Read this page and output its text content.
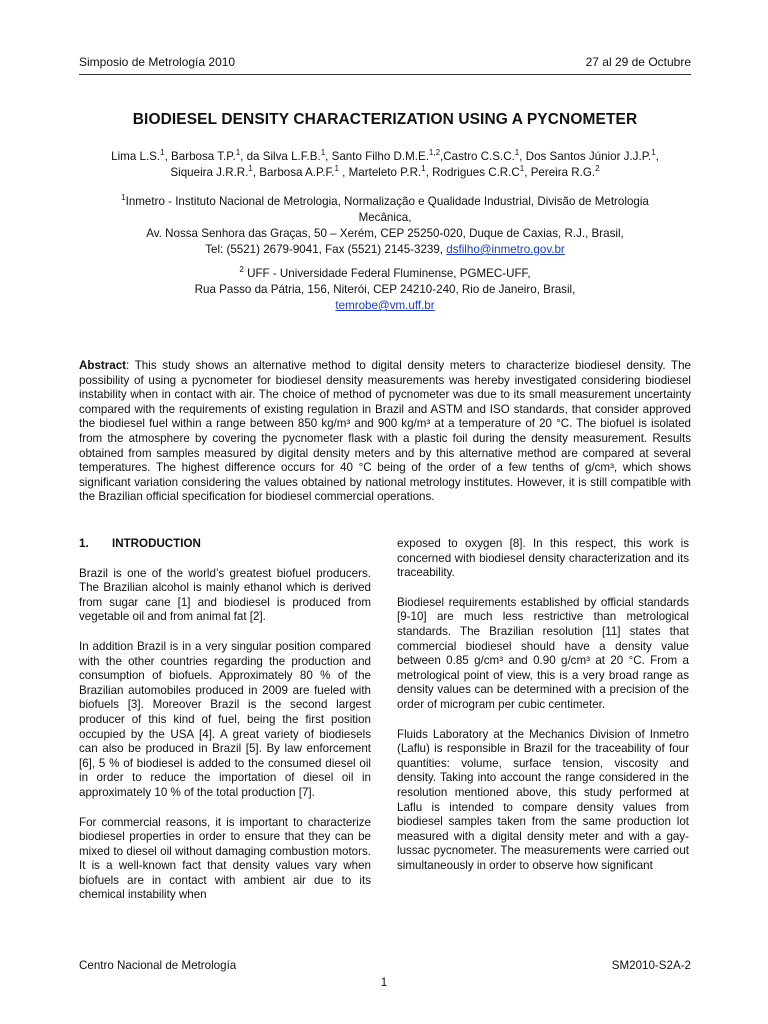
Simposio de Metrología 2010	27 al 29 de Octubre
BIODIESEL DENSITY CHARACTERIZATION USING A PYCNOMETER
Lima L.S.$^1$, Barbosa T.P.$^1$, da Silva L.F.B.$^1$, Santo Filho D.M.E.$^{1,2}$,Castro C.S.C.$^1$, Dos Santos Júnior J.J.P.$^1$,
Siqueira J.R.R.$^1$, Barbosa A.P.F.$^1$ , Marteleto P.R.$^1$, Rodrigues $C.R.C^1$, Pereira R.G.$^2$
$^1$Inmetro - Instituto Nacional de Metrologia, Normalização e Qualidade Industrial, Divisão de Metrologia
Mecânica,
Av. Nossa Senhora das Graças, 50 – Xerém, CEP 25250-020, Duque de Caxias, R.J., Brasil,
Tel: (5521) 2679-9041, Fax (5521) 2145-3239, dsfilho@inmetro.gov.br
$^2$ UFF - Universidade Federal Fluminense, PGMEC-UFF,
Rua Passo da Pátria, 156, Niterói, CEP 24210-240, Rio de Janeiro, Brasil,
temrobe@vm.uff.br
Abstract: This study shows an alternative method to digital density meters to characterize biodiesel density. The possibility of using a pycnometer for biodiesel density measurements was hereby investigated considering biodiesel instability when in contact with air. The choice of method of pycnometer was due to its small measurement uncertainty compared with the requirements of existing regulation in Brazil and ASTM and ISO standards, that consider approved the biodiesel fuel within a range between 850 kg/m³ and 900 kg/m³ at a temperature of 20 °C. The biofuel is isolated from the atmosphere by covering the pycnometer flask with a plastic foil during the density measurement. Results obtained from samples measured by digital density meters and by this alternative method are compared at several temperatures. The highest difference occurs for 40 °C being of the order of a few tenths of g/cm³, which shows significant variation considering the values obtained by national metrology institutes. However, it is still compatible with the Brazilian official specification for biodiesel commercial operations.
1. INTRODUCTION

Brazil is one of the world’s greatest biofuel producers. The Brazilian alcohol is mainly ethanol which is derived from sugar cane [1] and biodiesel is produced from vegetable oil and from animal fat [2].

In addition Brazil is in a very singular position compared with the other countries regarding the production and consumption of biofuels. Approximately 80 % of the Brazilian automobiles produced in 2009 are fueled with biofuels [3]. Moreover Brazil is the second largest producer of this kind of fuel, being the first position occupied by the USA [4]. A great variety of biodiesels can also be produced in Brazil [5]. By law enforcement [6], 5 % of biodiesel is added to the consumed diesel oil in order to reduce the importation of diesel oil in approximately 10 % of the total production [7].

For commercial reasons, it is important to characterize biodiesel properties in order to ensure that they can be mixed to diesel oil without damaging combustion motors. It is a well-known fact that density values vary when biofuels are in contact with ambient air due to its chemical instability when

exposed to oxygen [8]. In this respect, this work is concerned with biodiesel density characterization and its traceability.

Biodiesel requirements established by official standards [9-10] are much less restrictive than metrological standards. The Brazilian resolution [11] states that commercial biodiesel should have a density value between 0.85 g/cm³ and 0.90 g/cm³ at 20 °C. From a metrological point of view, this is a very broad range as density values can be determined with a precision of the order of microgram per cubic centimeter.

Fluids Laboratory at the Mechanics Division of Inmetro (Laflu) is responsible in Brazil for the traceability of four quantities: volume, surface tension, viscosity and density. Taking into account the range considered in the resolution mentioned above, this study performed at Laflu is intended to compare density values from biodiesel samples taken from the same production lot measured with a digital density meter and with a gay-lussac pycnometer. The measurements were carried out simultaneously in order to observe how significant

Centro Nacional de Metrología	SM2010-S2A-2
1
